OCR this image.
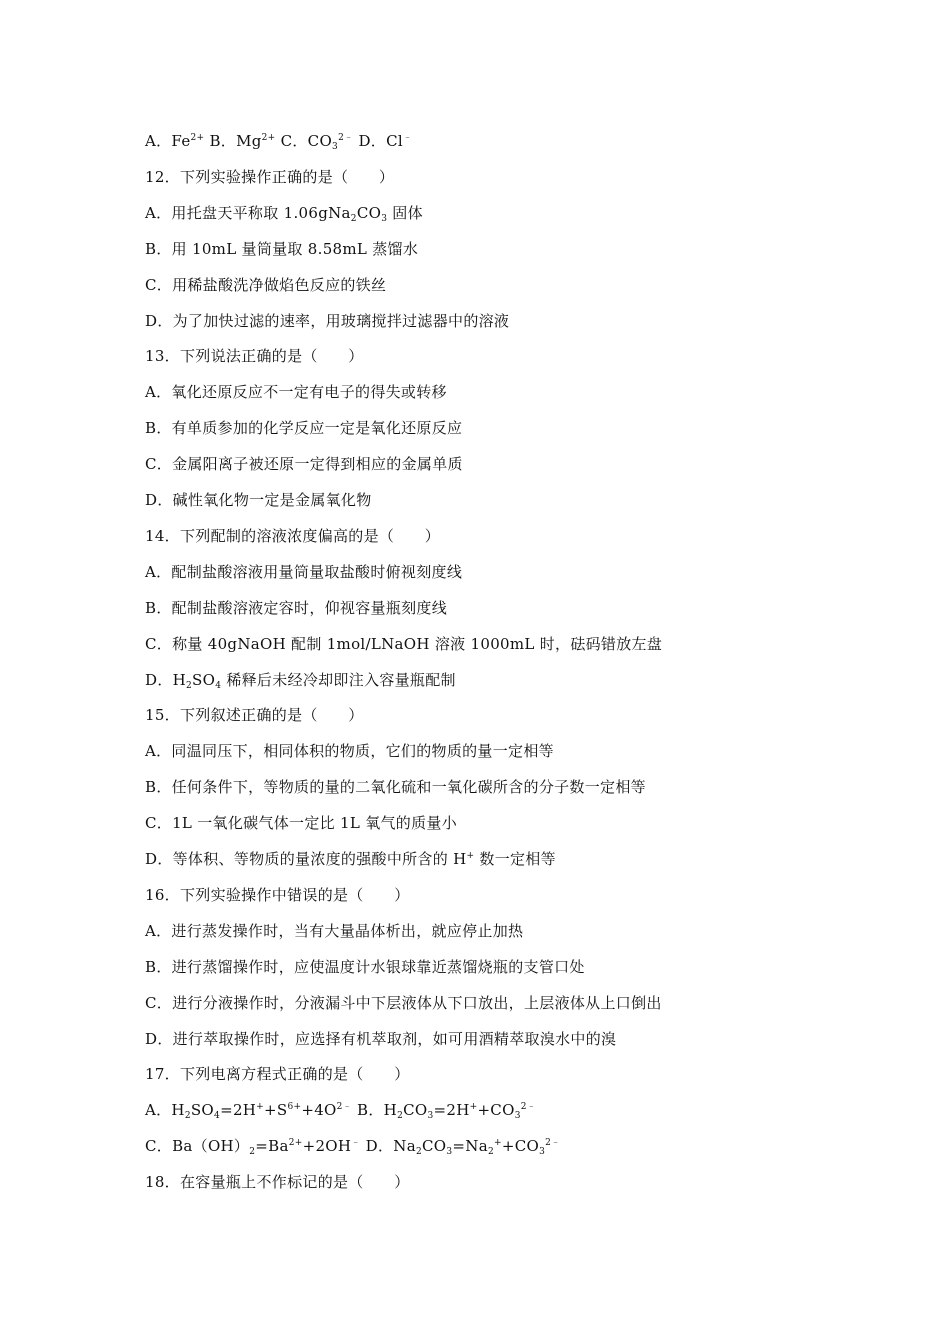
A．$Fe^{2+}$ B．$Mg^{2+}$ C．$CO_3^{2﹣}$ D．Cl﹣
12．下列实验操作正确的是（　　）
A．用托盘天平称取 $1.06gNa_2CO_3$ 固体
B．用 10mL 量筒量取 8.58mL 蒸馏水
C．用稀盐酸洗净做焰色反应的铁丝
D．为了加快过滤的速率，用玻璃搅拌过滤器中的溶液
13．下列说法正确的是（　　）
A．氧化还原反应不一定有电子的得失或转移
B．有单质参加的化学反应一定是氧化还原反应
C．金属阳离子被还原一定得到相应的金属单质
D．碱性氧化物一定是金属氧化物
14．下列配制的溶液浓度偏高的是（　　）
A．配制盐酸溶液用量筒量取盐酸时俯视刻度线
B．配制盐酸溶液定容时，仰视容量瓶刻度线
C．称量 40gNaOH 配制 1mol/LNaOH 溶液 1000mL 时，砝码错放左盘
D．$H_2SO_4$ 稀释后未经冷却即注入容量瓶配制
15．下列叙述正确的是（　　）
A．同温同压下，相同体积的物质，它们的物质的量一定相等
B．任何条件下，等物质的量的二氧化硫和一氧化碳所含的分子数一定相等
C．1L 一氧化碳气体一定比 1L 氧气的质量小
D．等体积、等物质的量浓度的强酸中所含的 H+ 数一定相等
16．下列实验操作中错误的是（　　）
A．进行蒸发操作时，当有大量晶体析出，就应停止加热
B．进行蒸馏操作时，应使温度计水银球靠近蒸馏烧瓶的支管口处
C．进行分液操作时，分液漏斗中下层液体从下口放出，上层液体从上口倒出
D．进行萃取操作时，应选择有机萃取剂，如可用酒精萃取溴水中的溴
17．下列电离方程式正确的是（　　）
A．$H_2SO_4=2H^++S^{6+}+4O^{2﹣}$ B．$H_2CO_3=2H^++CO_3^{2﹣}$
C．$Ba(OH)_2=Ba^{2+}+2OH^﹣$ D．$Na_2CO_3=Na_2^++CO_3^{2﹣}$
18．在容量瓶上不作标记的是（　　）
